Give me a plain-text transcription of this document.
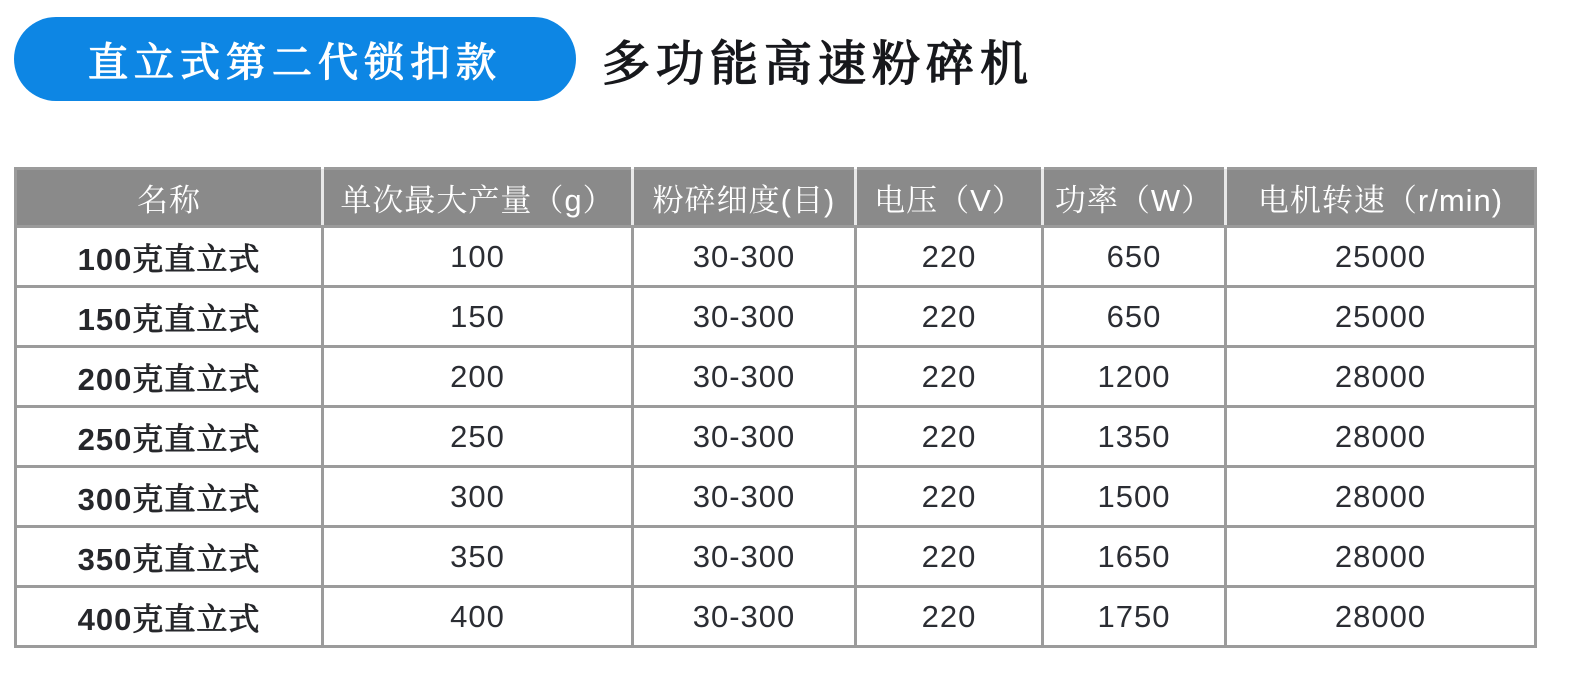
直立式第二代锁扣款	多功能高速粉碎机
名称	单次最大产量（g）	粉碎细度(目)	电压（V）	功率（W）	电机转速（r/min)
100克直立式	100	30-300	220	650	25000
150克直立式	150	30-300	220	650	25000
200克直立式	200	30-300	220	1200	28000
250克直立式	250	30-300	220	1350	28000
300克直立式	300	30-300	220	1500	28000
350克直立式	350	30-300	220	1650	28000
400克直立式	400	30-300	220	1750	28000
